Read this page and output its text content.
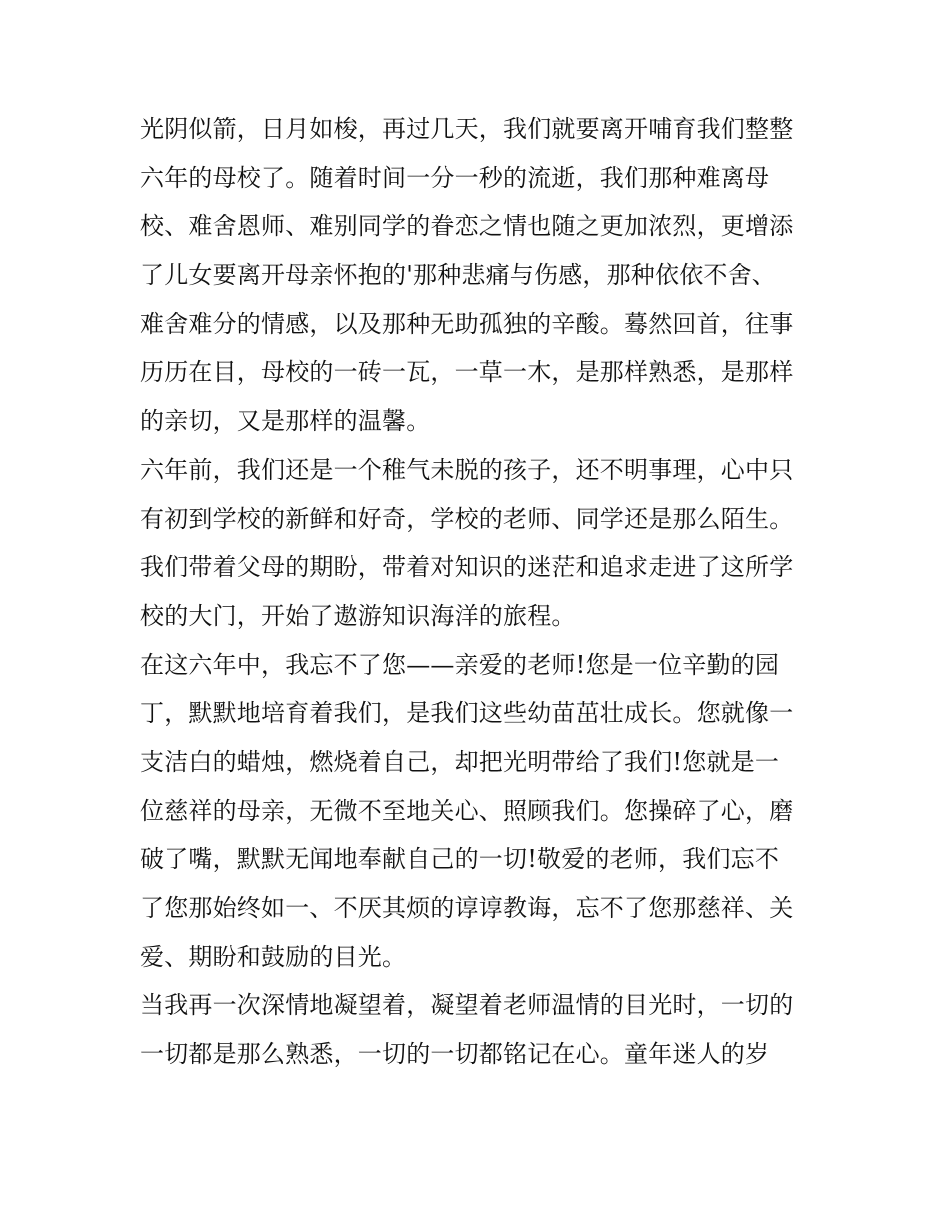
光阴似箭，日月如梭，再过几天，我们就要离开哺育我们整整
六年的母校了。随着时间一分一秒的流逝，我们那种难离母
校、难舍恩师、难别同学的眷恋之情也随之更加浓烈，更增添
了儿女要离开母亲怀抱的'那种悲痛与伤感，那种依依不舍、
难舍难分的情感，以及那种无助孤独的辛酸。蓦然回首，往事
历历在目，母校的一砖一瓦，一草一木，是那样熟悉，是那样
的亲切，又是那样的温馨。
六年前，我们还是一个稚气未脱的孩子，还不明事理，心中只
有初到学校的新鲜和好奇，学校的老师、同学还是那么陌生。
我们带着父母的期盼，带着对知识的迷茫和追求走进了这所学
校的大门，开始了遨游知识海洋的旅程。
在这六年中，我忘不了您——亲爱的老师!您是一位辛勤的园
丁，默默地培育着我们，是我们这些幼苗茁壮成长。您就像一
支洁白的蜡烛，燃烧着自己，却把光明带给了我们!您就是一
位慈祥的母亲，无微不至地关心、照顾我们。您操碎了心，磨
破了嘴，默默无闻地奉献自己的一切!敬爱的老师，我们忘不
了您那始终如一、不厌其烦的谆谆教诲，忘不了您那慈祥、关
爱、期盼和鼓励的目光。
当我再一次深情地凝望着，凝望着老师温情的目光时，一切的
一切都是那么熟悉，一切的一切都铭记在心。童年迷人的岁
